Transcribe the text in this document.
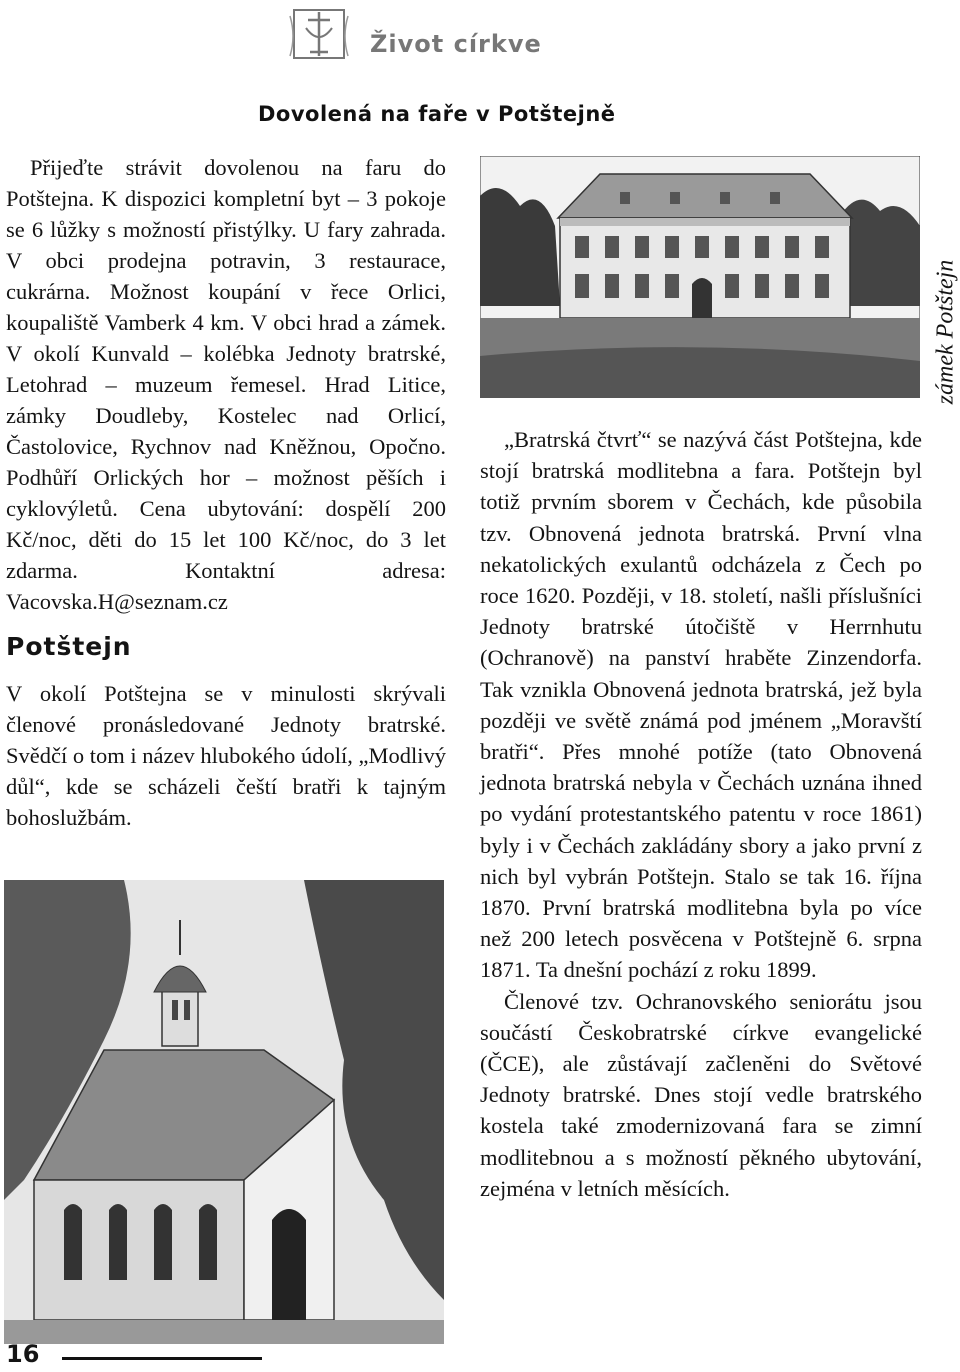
Život církve
Dovolená na faře v Potštejně

Přijeďte strávit dovolenou na faru do Potštejna. K dispozici kompletní byt – 3 pokoje se 6 lůžky s možností přistýlky. U fary zahrada. V obci prodejna potravin, 3 restaurace, cukrárna. Možnost koupání v řece Orlici, koupaliště Vamberk 4 km. V obci hrad a zámek. V okolí Kunvald – kolébka Jednoty bratrské, Letohrad – muzeum řemesel. Hrad Litice, zámky Doudleby, Kostelec nad Orlicí, Častolovice, Rychnov nad Kněžnou, Opočno. Podhůří Orlických hor – možnost pěších i cyklovýletů. Cena ubytování: dospělí 200 Kč/noc, děti do 15 let 100 Kč/noc, do 3 let zdarma. Kontaktní adresa: Vacovska.H@seznam.cz

Potštejn

V okolí Potštejna se v minulosti skrývali členové pronásledované Jednoty bratrské. Svědčí o tom i název hlubokého údolí, „Modlivý důl“, kde se scházeli čeští bratři k tajným bohoslužbám.

zámek Potštejn

„Bratrská čtvrť“ se nazývá část Potštejna, kde stojí bratrská modlitebna a fara. Potštejn byl totiž prvním sborem v Čechách, kde působila tzv. Obnovená jednota bratrská. První vlna nekatolických exulantů odcházela z Čech po roce 1620. Později, v 18. století, našli příslušníci Jednoty bratrské útočiště v Herrnhutu (Ochranově) na panství hraběte Zinzendorfa. Tak vznikla Obnovená jednota bratrská, jež byla později ve světě známá pod jménem „Moravští bratři“. Přes mnohé potíže (tato Obnovená jednota bratrská nebyla v Čechách uznána ihned po vydání protestantského patentu v roce 1861) byly i v Čechách zakládány sbory a jako první z nich byl vybrán Potštejn. Stalo se tak 16. října 1870. První bratrská modlitebna byla po více než 200 letech posvěcena v Potštejně 6. srpna 1871. Ta dnešní pochází z roku 1899.

Členové tzv. Ochranovského seniorátu jsou součástí Českobratrské církve evangelické (ČCE), ale zůstávají začleněni do Světové Jednoty bratrské. Dnes stojí vedle bratrského kostela také zmodernizovaná fara se zimní modlitebnou a s možností pěkného ubytování, zejména v letních měsících.

16
